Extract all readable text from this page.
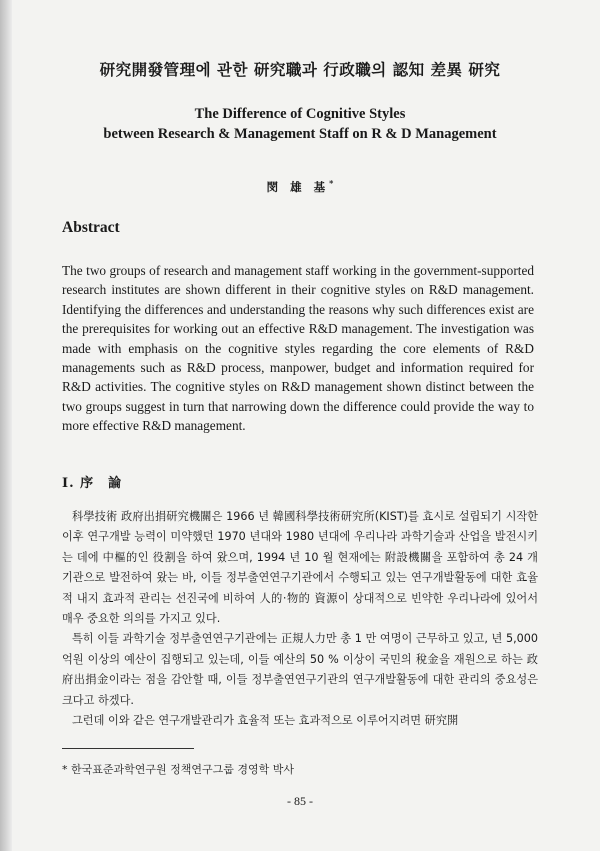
研究開發管理에 관한 研究職과 行政職의 認知 差異 研究
The Difference of Cognitive Styles
between Research & Management Staff on R & D Management
閔 雄 基*
Abstract
The two groups of research and management staff working in the government-supported research institutes are shown different in their cognitive styles on R&D management. Identifying the differences and understanding the reasons why such differences exist are the prerequisites for working out an effective R&D management. The investigation was made with emphasis on the cognitive styles regarding the core elements of R&D managements such as R&D process, manpower, budget and information required for R&D activities. The cognitive styles on R&D management shown distinct between the two groups suggest in turn that narrowing down the difference could provide the way to more effective R&D management.
Ⅰ. 序　論

科學技術 政府出捐研究機關은 1966 년 韓國科學技術研究所(KIST)를 효시로 설립되기 시작한 이후 연구개발 능력이 미약했던 1970 년대와 1980 년대에 우리나라 과학기술과 산업을 발전시키는 데에 中樞的인 役割을 하여 왔으며, 1994 년 10 월 현재에는 附設機關을 포함하여 총 24 개 기관으로 발전하여 왔는 바, 이들 정부출연연구기관에서 수행되고 있는 연구개발활동에 대한 효율적 내지 효과적 관리는 선진국에 비하여 人的·物的 資源이 상대적으로 빈약한 우리나라에 있어서 매우 중요한 의의를 가지고 있다.

특히 이들 과학기술 정부출연연구기관에는 正規人力만 총 1 만 여명이 근무하고 있고, 년 5,000 억원 이상의 예산이 집행되고 있는데, 이들 예산의 50 % 이상이 국민의 稅金을 재원으로 하는 政府出捐金이라는 점을 감안할 때, 이들 정부출연연구기관의 연구개발활동에 대한 관리의 중요성은 크다고 하겠다.

그런데 이와 같은 연구개발관리가 효율적 또는 효과적으로 이루어지려면 研究開

* 한국표준과학연구원 정책연구그룹 경영학 박사
- 85 -
